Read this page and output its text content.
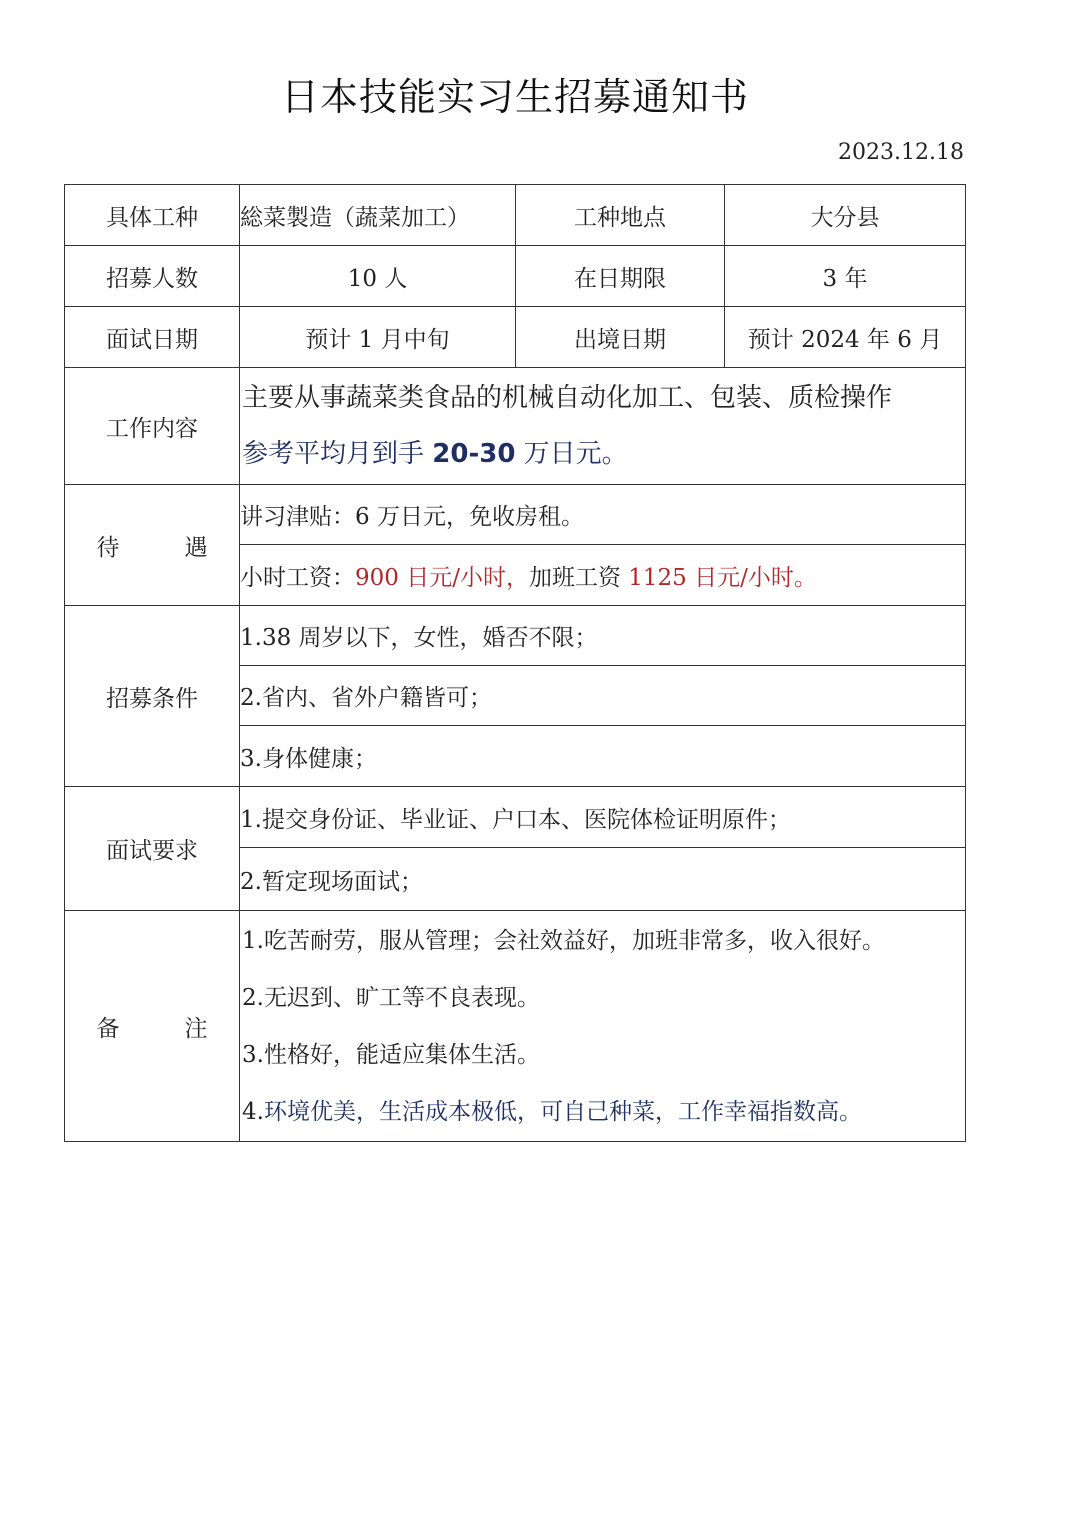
日本技能实习生招募通知书
2023.12.18
具体工种	総菜製造（蔬菜加工）	工种地点	大分县
招募人数	10 人	在日期限	3 年
面试日期	预计 1 月中旬	出境日期	预计 2024 年 6 月
工作内容	主要从事蔬菜类食品的机械自动化加工、包装、质检操作
参考平均月到手 20-30 万日元。		

待 遇	讲习津贴：6 万日元，免收房租。		
	小时工资：900 日元/小时，加班工资 1125 日元/小时。		
招募条件	1.38 周岁以下，女性，婚否不限；		
	2.省内、省外户籍皆可；		
	3.身体健康；		
面试要求	1.提交身份证、毕业证、户口本、医院体检证明原件；		
	2.暂定现场面试；		
备 注	1.吃苦耐劳，服从管理；会社效益好，加班非常多，收入很好。
2.无迟到、旷工等不良表现。
3.性格好，能适应集体生活。
4.环境优美，生活成本极低，可自己种菜，工作幸福指数高。		
